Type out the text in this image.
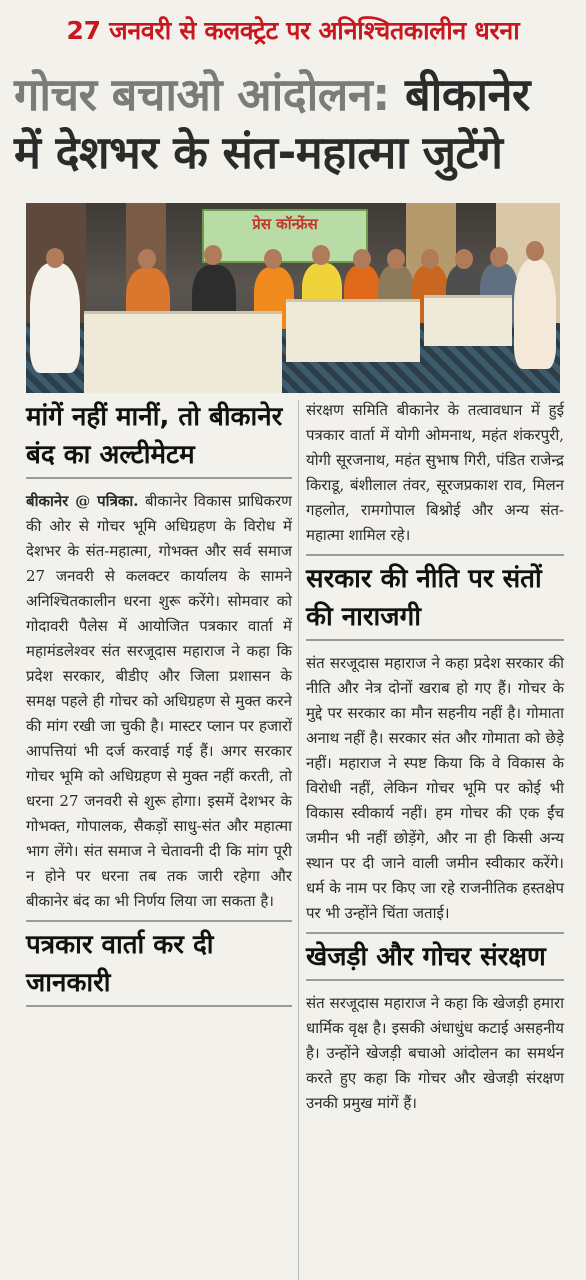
27 जनवरी से कलक्ट्रेट पर अनिश्चितकालीन धरना
गोचर बचाओ आंदोलन: बीकानेर
में देशभर के संत-महात्मा जुटेंगे
प्रेस कॉन्फ्रेंस
मांगें नहीं मानीं, तो बीकानेर बंद का अल्टीमेटम
बीकानेर @ पत्रिका. बीकानेर विकास प्राधिकरण की ओर से गोचर भूमि अधिग्रहण के विरोध में देशभर के संत-महात्मा, गोभक्त और सर्व समाज 27 जनवरी से कलक्टर कार्यालय के सामने अनिश्चितकालीन धरना शुरू करेंगे। सोमवार को गोदावरी पैलेस में आयोजित पत्रकार वार्ता में महामंडलेश्वर संत सरजूदास महाराज ने कहा कि प्रदेश सरकार, बीडीए और जिला प्रशासन के समक्ष पहले ही गोचर को अधिग्रहण से मुक्त करने की मांग रखी जा चुकी है। मास्टर प्लान पर हजारों आपत्तियां भी दर्ज करवाई गई हैं। अगर सरकार गोचर भूमि को अधिग्रहण से मुक्त नहीं करती, तो धरना 27 जनवरी से शुरू होगा। इसमें देशभर के गोभक्त, गोपालक, सैकड़ों साधु-संत और महात्मा भाग लेंगे। संत समाज ने चेतावनी दी कि मांग पूरी न होने पर धरना तब तक जारी रहेगा और बीकानेर बंद का भी निर्णय लिया जा सकता है।
पत्रकार वार्ता कर दी जानकारी
संरक्षण समिति बीकानेर के तत्वावधान में हुई पत्रकार वार्ता में योगी ओमनाथ, महंत शंकरपुरी, योगी सूरजनाथ, महंत सुभाष गिरी, पंडित राजेन्द्र किराडू, बंशीलाल तंवर, सूरजप्रकाश राव, मिलन गहलोत, रामगोपाल बिश्नोई और अन्य संत-महात्मा शामिल रहे।
सरकार की नीति पर संतों की नाराजगी
संत सरजूदास महाराज ने कहा प्रदेश सरकार की नीति और नेत्र दोनों खराब हो गए हैं। गोचर के मुद्दे पर सरकार का मौन सहनीय नहीं है। गोमाता अनाथ नहीं है। सरकार संत और गोमाता को छेड़े नहीं। महाराज ने स्पष्ट किया कि वे विकास के विरोधी नहीं, लेकिन गोचर भूमि पर कोई भी विकास स्वीकार्य नहीं। हम गोचर की एक ईंच जमीन भी नहीं छोड़ेंगे, और ना ही किसी अन्य स्थान पर दी जाने वाली जमीन स्वीकार करेंगे। धर्म के नाम पर किए जा रहे राजनीतिक हस्तक्षेप पर भी उन्होंने चिंता जताई।
खेजड़ी और गोचर संरक्षण
संत सरजूदास महाराज ने कहा कि खेजड़ी हमारा धार्मिक वृक्ष है। इसकी अंधाधुंध कटाई असहनीय है। उन्होंने खेजड़ी बचाओ आंदोलन का समर्थन करते हुए कहा कि गोचर और खेजड़ी संरक्षण उनकी प्रमुख मांगें हैं।
